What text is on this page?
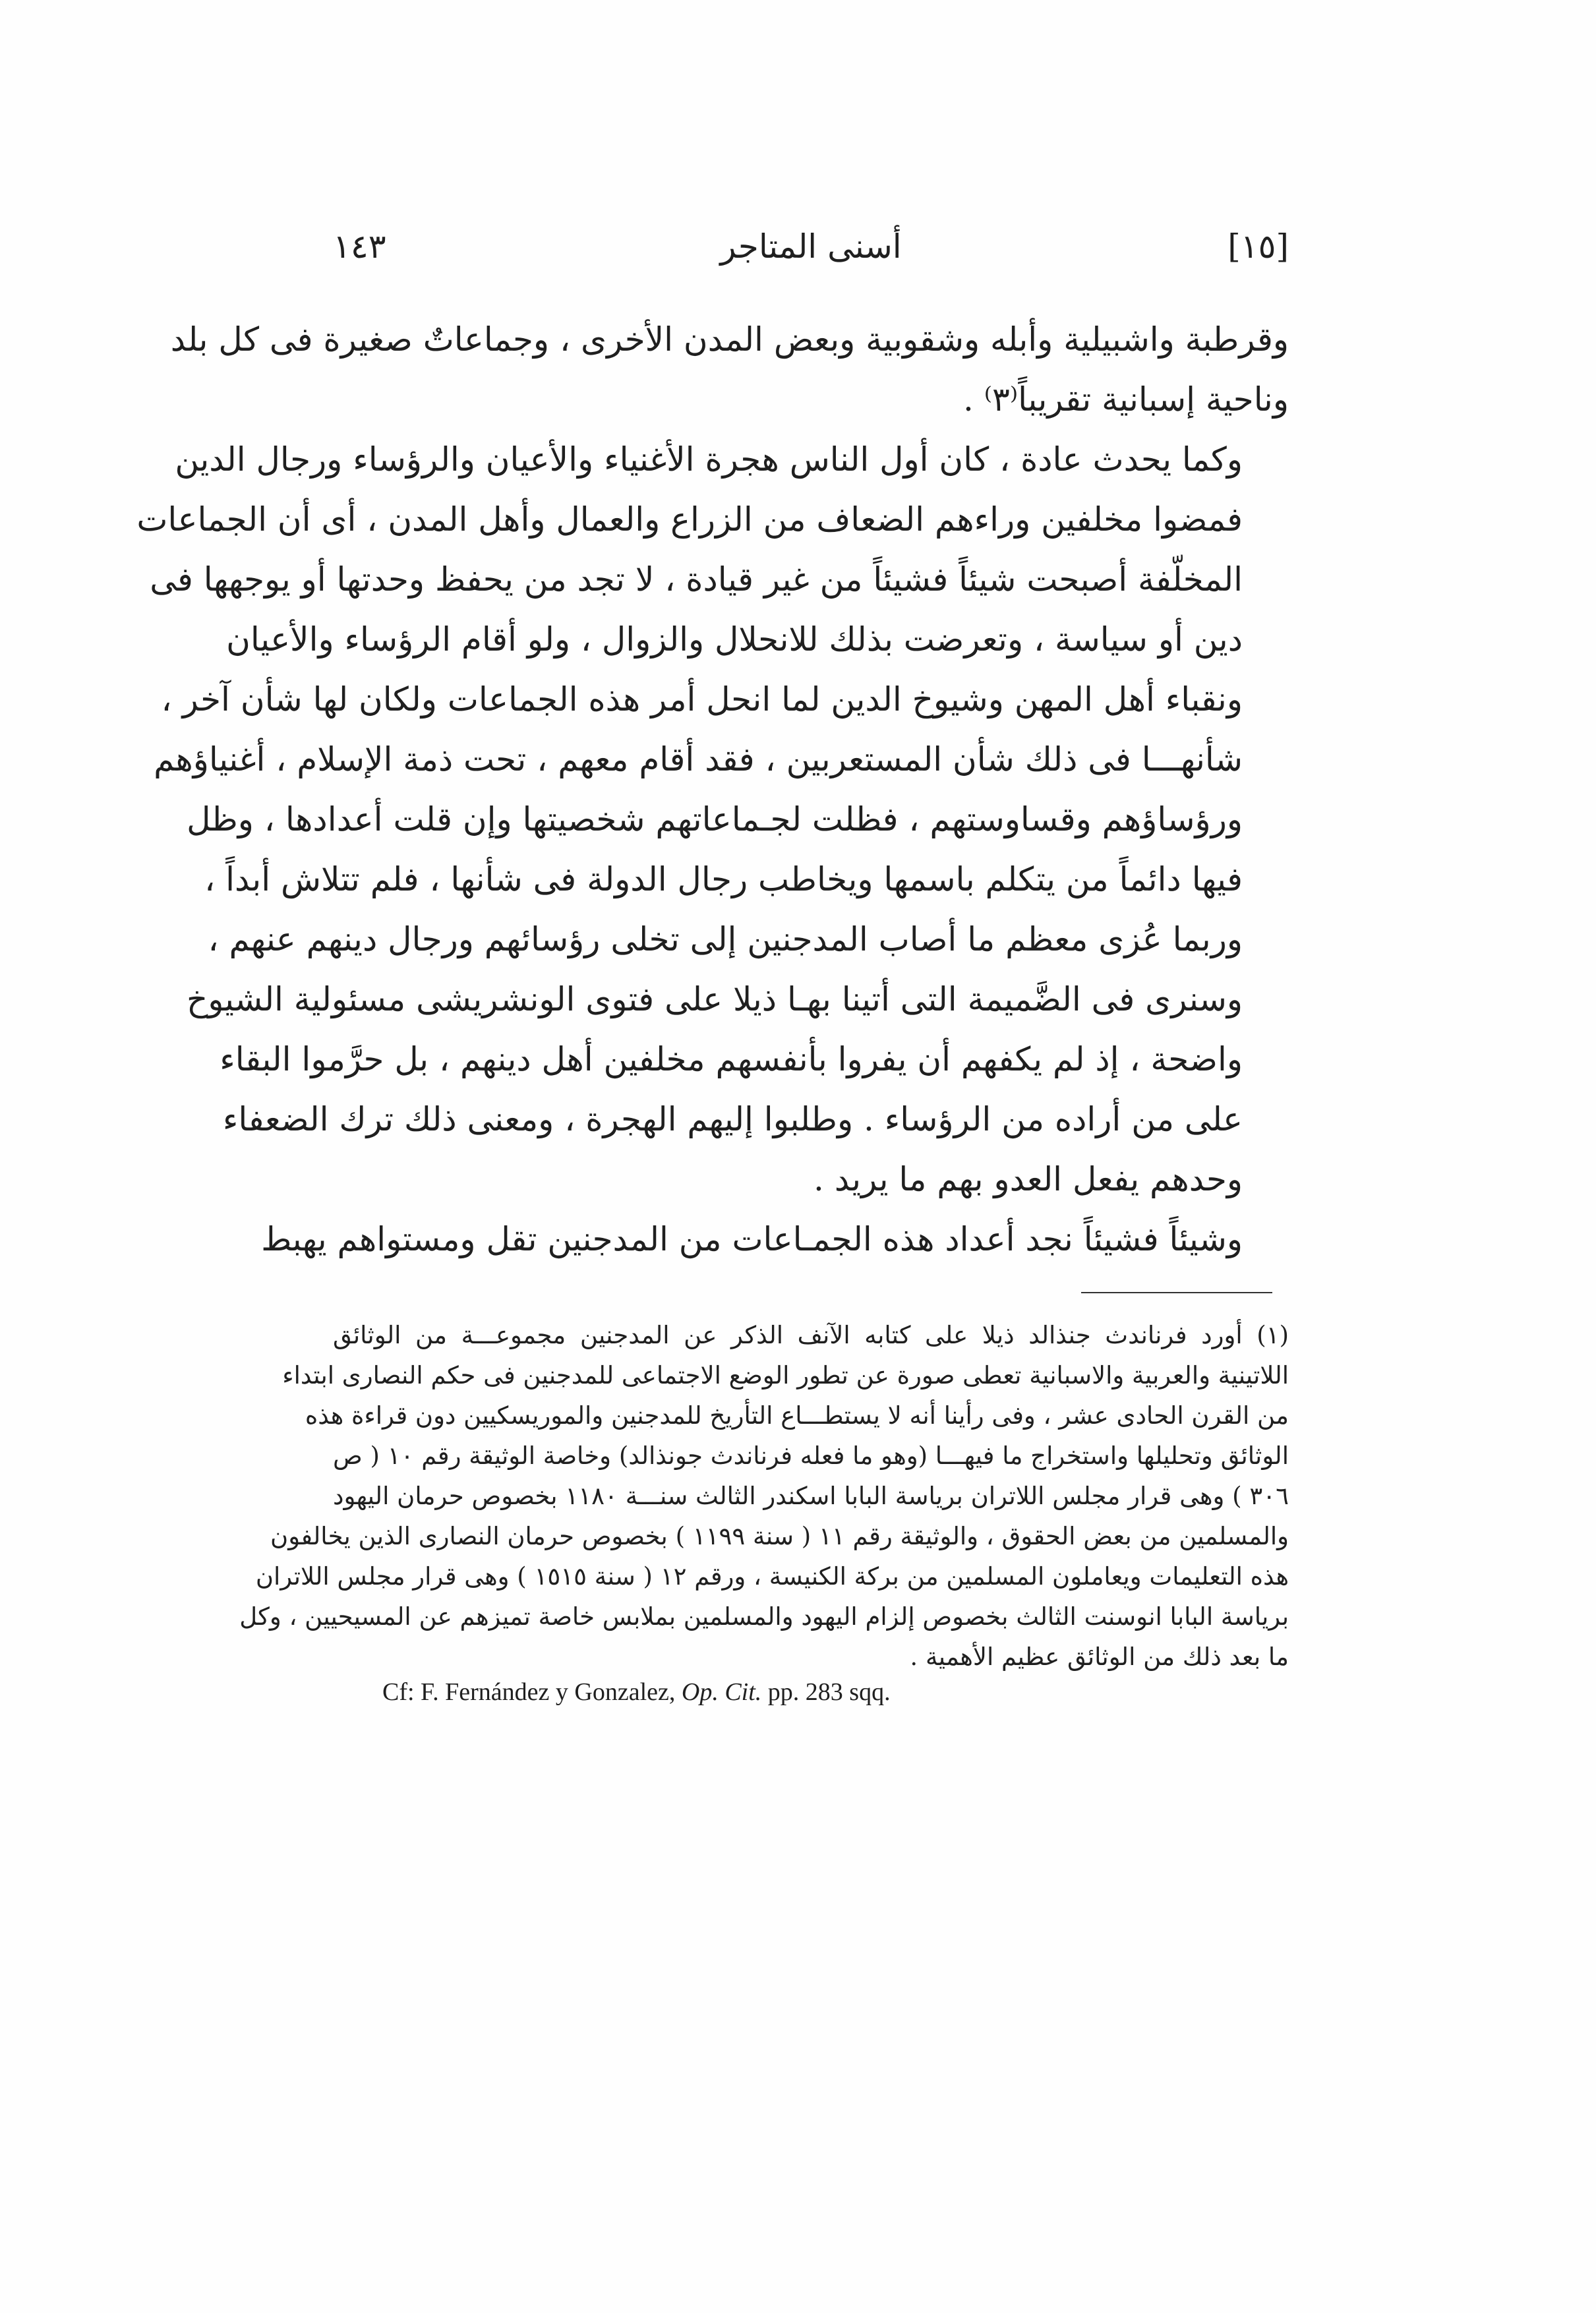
[١٥]
أسنى المتاجر
١٤٣

وقرطبة واشبيلية وأبله وشقوبية وبعض المدن الأخرى ، وجماعاتٌ صغيرة فى كل بلد
وناحية إسبانية تقريباً⁽٣⁾ .

وكما يحدث عادة ، كان أول الناس هجرة الأغنياء والأعيان والرؤساء ورجال الدين
فمضوا مخلفين وراءهم الضعاف من الزراع والعمال وأهل المدن ، أى أن الجماعات
المخلّفة أصبحت شيئاً فشيئاً من غير قيادة ، لا تجد من يحفظ وحدتها أو يوجهها فى
دين أو سياسة ، وتعرضت بذلك للانحلال والزوال ، ولو أقام الرؤساء والأعيان
ونقباء أهل المهن وشيوخ الدين لما انحل أمر هذه الجماعات ولكان لها شأن آخر ،
شأنهـــا فى ذلك شأن المستعربين ، فقد أقام معهم ، تحت ذمة الإسلام ، أغنياؤهم
ورؤساؤهم وقساوستهم ، فظلت لجـماعاتهم شخصيتها وإن قلت أعدادها ، وظل
فيها دائماً من يتكلم باسمها ويخاطب رجال الدولة فى شأنها ، فلم تتلاش أبداً ،
وربما عُزى معظم ما أصاب المدجنين إلى تخلى رؤسائهم ورجال دينهم عنهم ،
وسنرى فى الضَّميمة التى أتينا بهـا ذيلا على فتوى الونشريشى مسئولية الشيوخ
واضحة ، إذ لم يكفهم أن يفروا بأنفسهم مخلفين أهل دينهم ، بل حرَّموا البقاء
على من أراده من الرؤساء . وطلبوا إليهم الهجرة ، ومعنى ذلك ترك الضعفاء
وحدهم يفعل العدو بهم ما يريد .

وشيئاً فشيئاً نجد أعداد هذه الجمـاعات من المدجنين تقل ومستواهم يهبط

(١) أورد فرناندث جنذالد ذيلا على كتابه الآنف الذكر عن المدجنين مجموعـــة من الوثائق
اللاتينية والعربية والاسبانية تعطى صورة عن تطور الوضع الاجتماعى للمدجنين فى حكم النصارى ابتداء
من القرن الحادى عشر ، وفى رأينا أنه لا يستطـــاع التأريخ للمدجنين والموريسكيين دون قراءة هذه
الوثائق وتحليلها واستخراج ما فيهـــا (وهو ما فعله فرناندث جونذالد) وخاصة الوثيقة رقم ١٠ ( ص
٣٠٦ ) وهى قرار مجلس اللاتران برياسة البابا اسكندر الثالث سنـــة ١١٨٠ بخصوص حرمان اليهود
والمسلمين من بعض الحقوق ، والوثيقة رقم ١١ ( سنة ١١٩٩ ) بخصوص حرمان النصارى الذين يخالفون
هذه التعليمات ويعاملون المسلمين من بركة الكنيسة ، ورقم ١٢ ( سنة ١٥١٥ ) وهى قرار مجلس اللاتران
برياسة البابا انوسنت الثالث بخصوص إلزام اليهود والمسلمين بملابس خاصة تميزهم عن المسيحيين ، وكل
ما بعد ذلك من الوثائق عظيم الأهمية .
Cf: F. Fernández y Gonzalez, Op. Cit. pp. 283 sqq.
